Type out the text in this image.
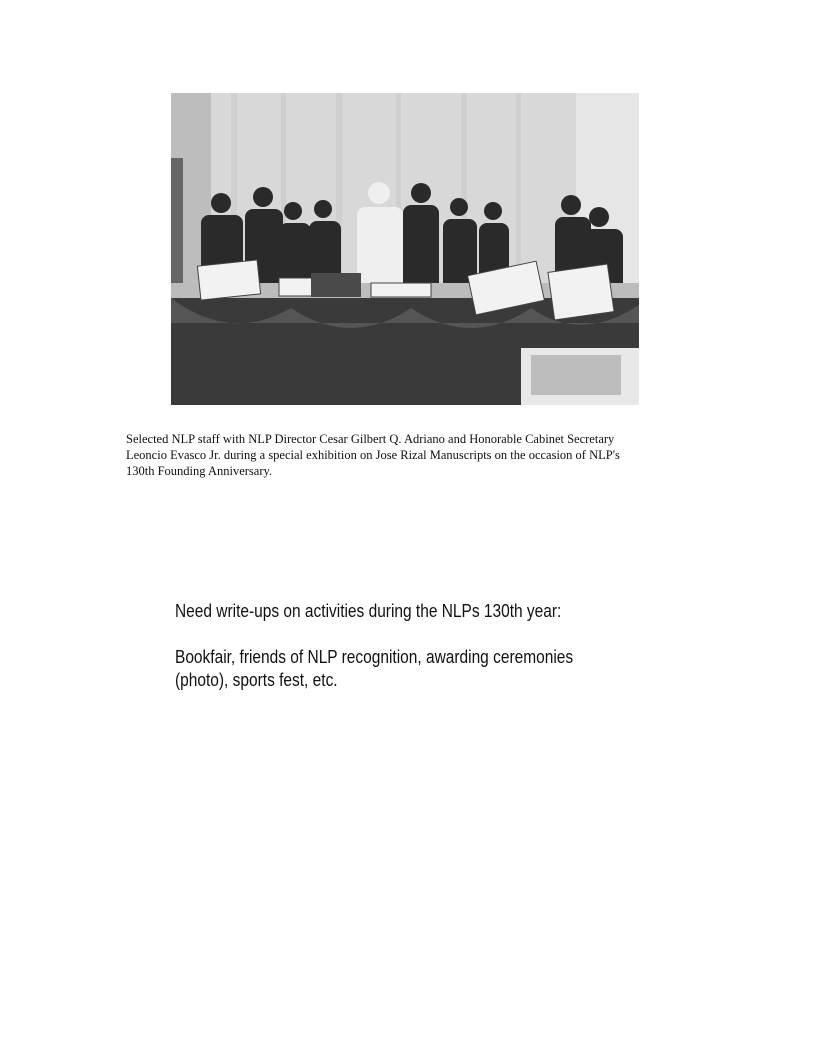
Selected NLP staff with NLP Director Cesar Gilbert Q. Adriano and Honorable Cabinet Secretary

Leoncio Evasco Jr. during a special exhibition on Jose Rizal Manuscripts on the occasion of NLP's

130th Founding Anniversary.

Need write-ups on activities during the NLPs 130th year:

Bookfair, friends of NLP recognition, awarding ceremonies
(photo), sports fest, etc.
